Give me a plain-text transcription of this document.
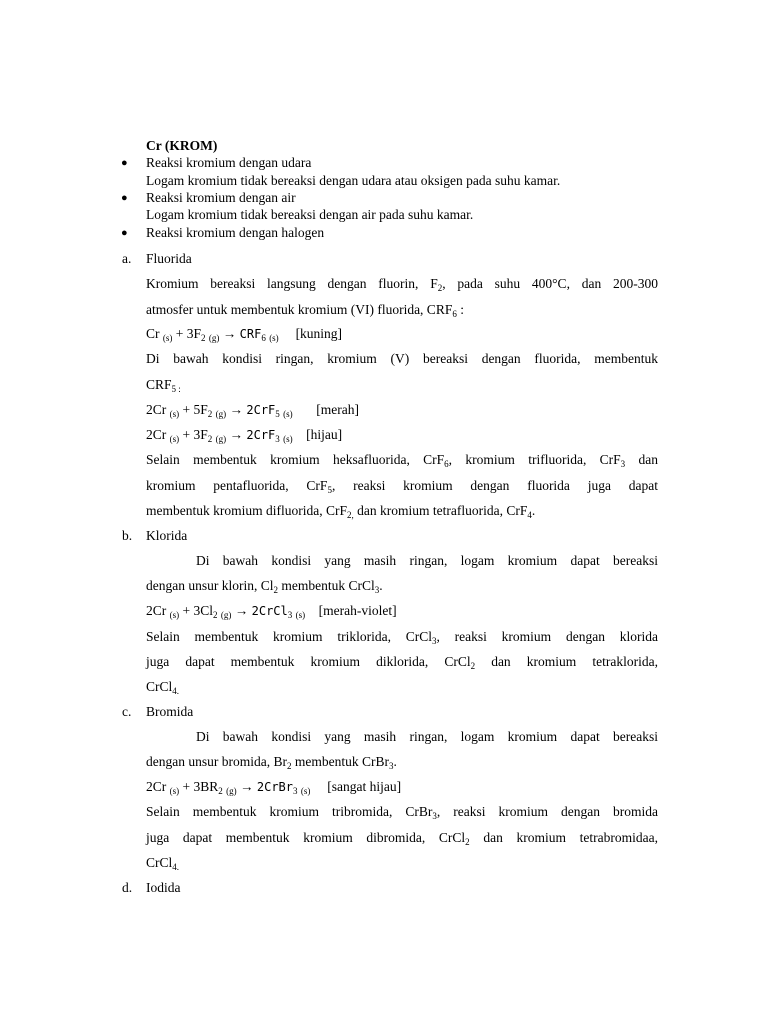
Cr (KROM)
● Reaksi kromium dengan udara
Logam kromium tidak bereaksi dengan udara atau oksigen pada suhu kamar.
● Reaksi kromium dengan air
Logam kromium tidak bereaksi dengan air pada suhu kamar.
● Reaksi kromium dengan halogen
a. Fluorida
Kromium bereaksi langsung dengan fluorin, $F_2$, pada suhu 400°C, dan 200-300
atmosfer untuk membentuk kromium (VI) fluorida, $CRF_6$ :
Cr $_{(s)} + 3F_2$ $_{(g)} \to CRF_6$ $_{(s)}$ [kuning]
Di bawah kondisi ringan, kromium (V) bereaksi dengan fluorida, membentuk
$CRF_{5 :}$
2Cr $_{(s)} + 5F_2$ $_{(g)}$ → 2CrF$_5$ $_{(s)}$ [merah]
2Cr $_{(s)} + 3F_2$ $_{(g)}$ → 2CrF$_3$ $_{(s)}$ [hijau]
Selain membentuk kromium heksafluorida, CrF$_6$, kromium trifluorida, CrF$_3$ dan
kromium pentafluorida, CrF$_5$, reaksi kromium dengan fluorida juga dapat
membentuk kromium difluorida, CrF$_{2,}$ dan kromium tetrafluorida, CrF$_4$.
b. Klorida
Di bawah kondisi yang masih ringan, logam kromium dapat bereaksi
dengan unsur klorin, $Cl_2$ membentuk CrCl$_3$.
2Cr $_{(s)} + 3Cl_2$ $_{(g)}$ → 2CrCl$_3$ $_{(s)}$ [merah-violet]
Selain membentuk kromium triklorida, CrCl$_3$, reaksi kromium dengan klorida
juga dapat membentuk kromium diklorida, CrCl$_2$ dan kromium tetraklorida,
CrCl$_{4.}$
c. Bromida
Di bawah kondisi yang masih ringan, logam kromium dapat bereaksi
dengan unsur bromida, $Br_2$ membentuk CrBr$_3$.
2Cr $_{(s)} + 3BR_2$ $_{(g)}$ → 2CrBr$_3$ $_{(s)}$ [sangat hijau]
Selain membentuk kromium tribromida, CrBr$_3$, reaksi kromium dengan bromida
juga dapat membentuk kromium dibromida, CrCl$_2$ dan kromium tetrabromidaa,
CrCl$_{4.}$
d. Iodida
